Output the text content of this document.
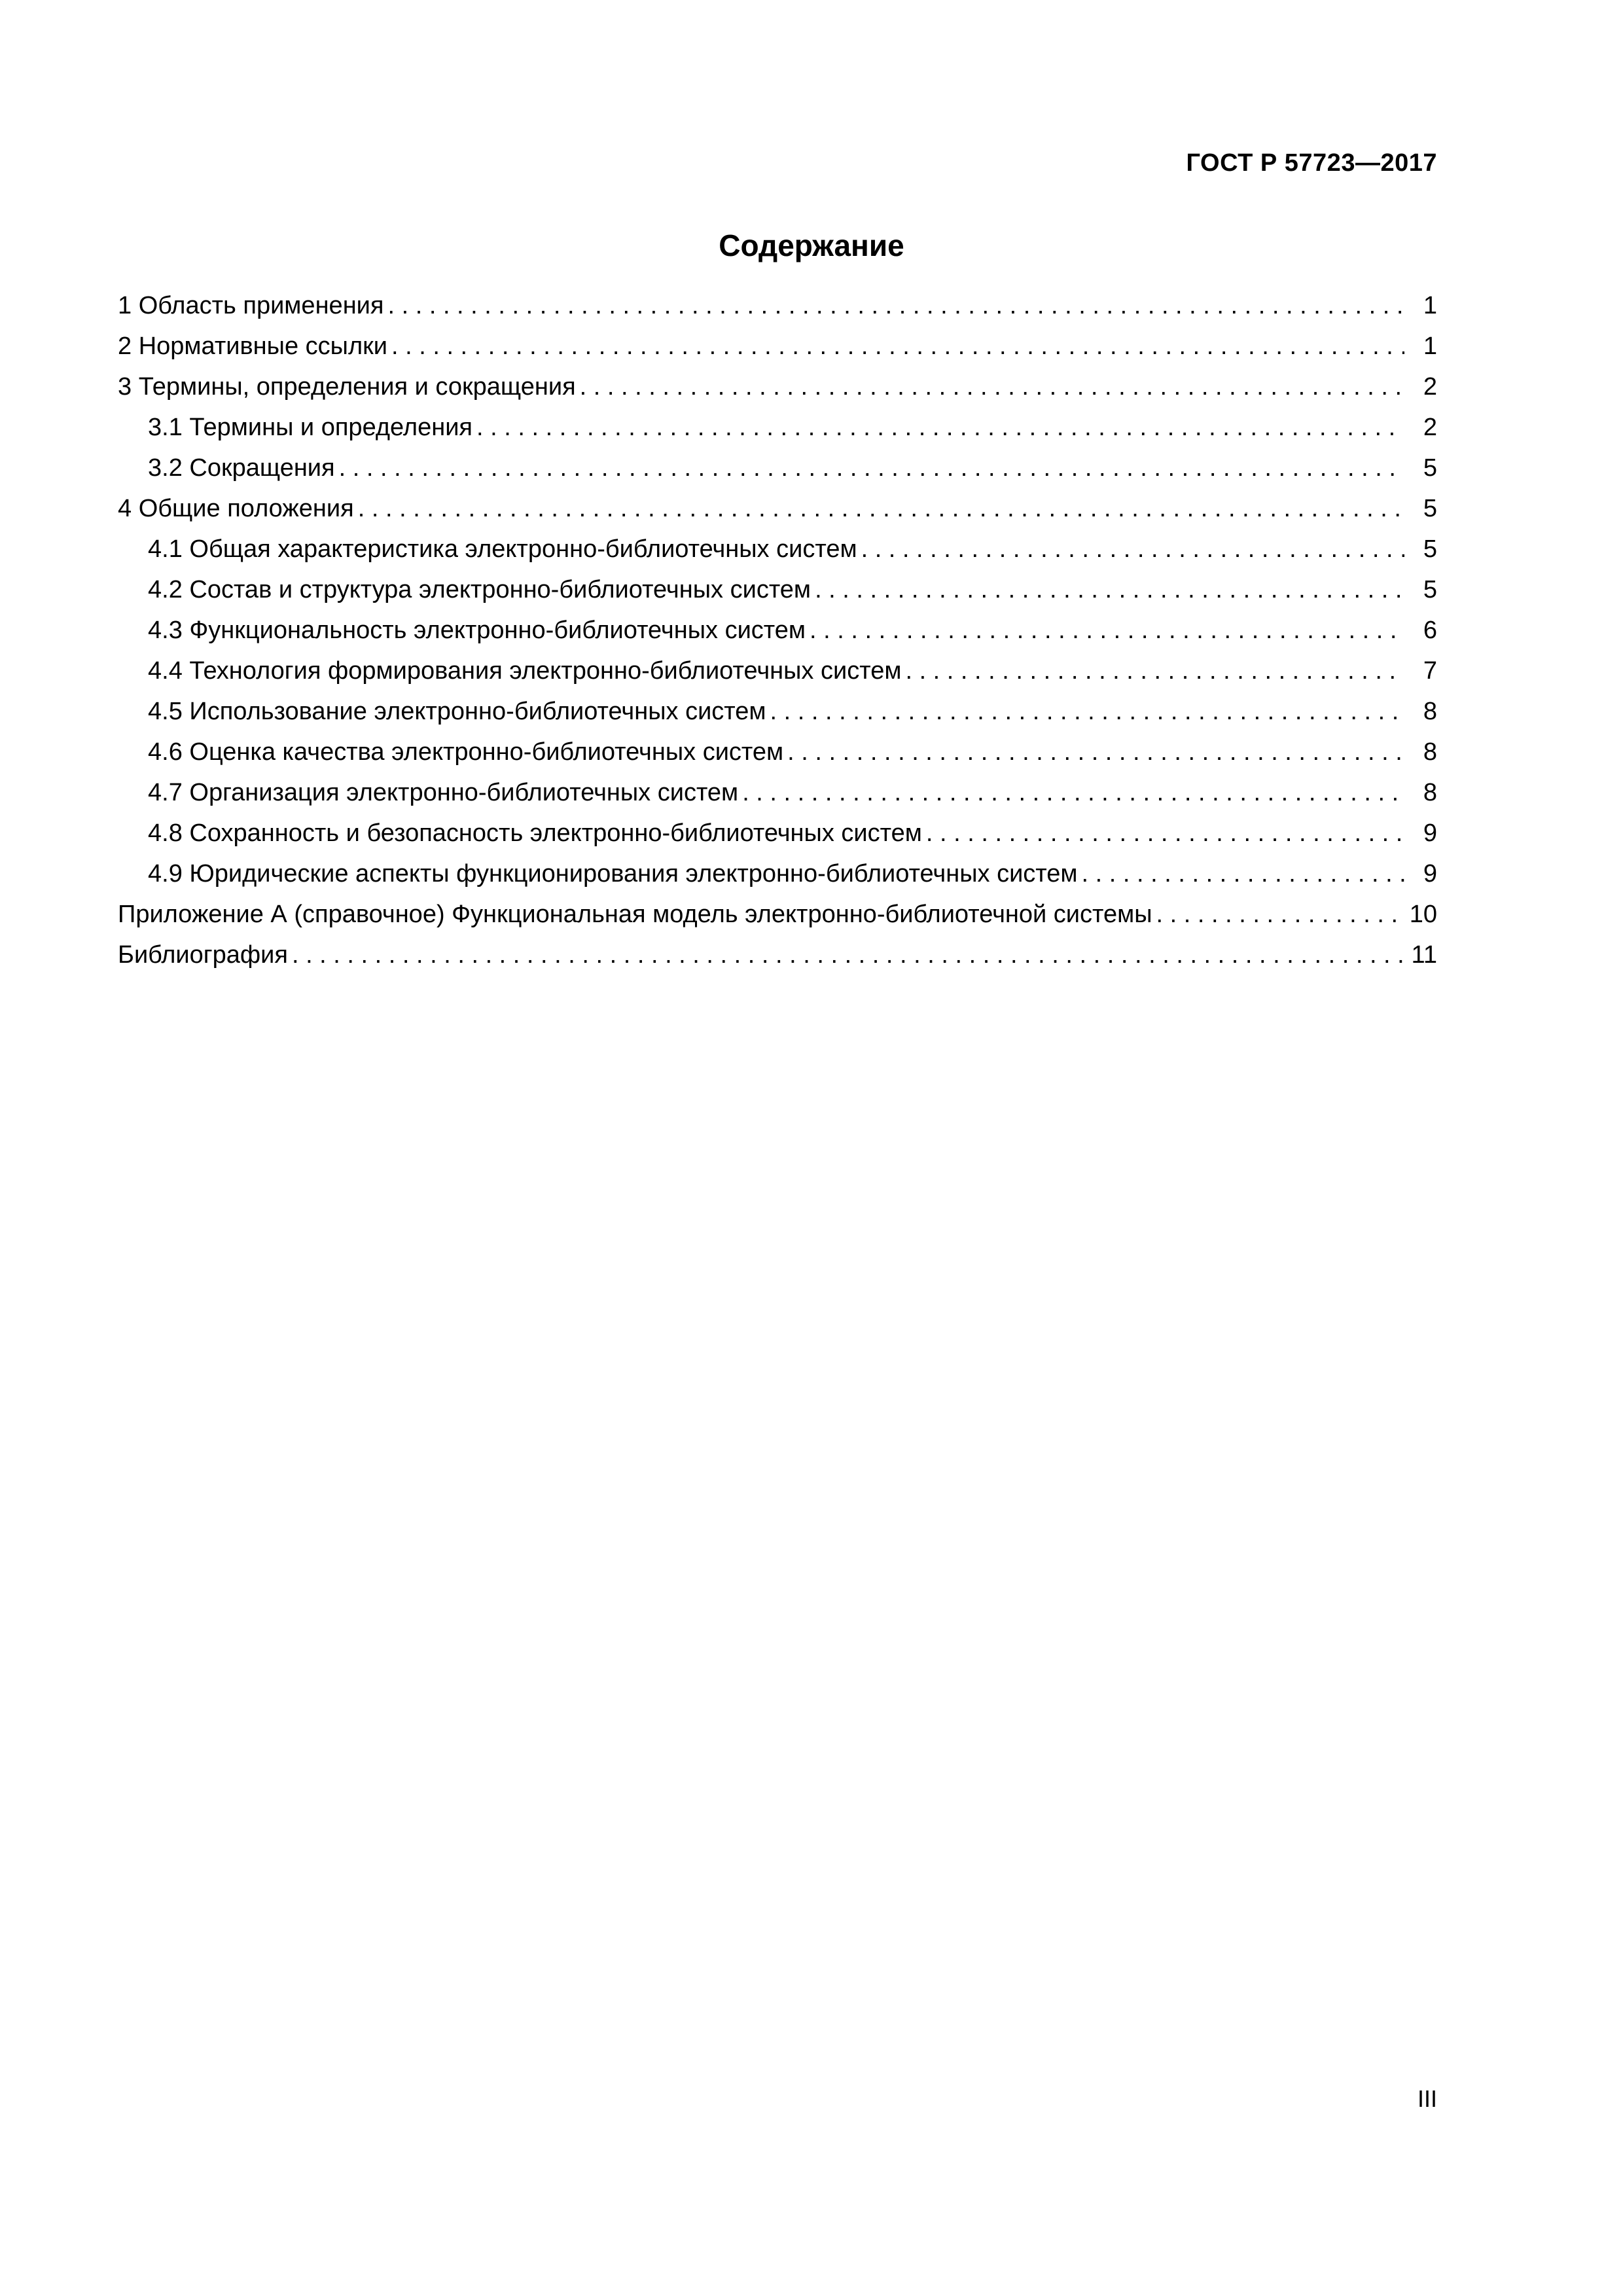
ГОСТ Р 57723—2017
Содержание
1 Область применения . . .	1
2 Нормативные ссылки . . .	1
3 Термины, определения и сокращения . . .	2
3.1 Термины и определения . . .	2
3.2 Сокращения . . .	5
4 Общие положения . . .	5
4.1 Общая характеристика электронно-библиотечных систем . . .	5
4.2 Состав и структура электронно-библиотечных систем . . .	5
4.3 Функциональность электронно-библиотечных систем . . .	6
4.4 Технология формирования электронно-библиотечных систем . . .	7
4.5 Использование электронно-библиотечных систем . . .	8
4.6 Оценка качества электронно-библиотечных систем . . .	8
4.7 Организация электронно-библиотечных систем . . .	8
4.8 Сохранность и безопасность электронно-библиотечных систем . . .	9
4.9 Юридические аспекты функционирования электронно-библиотечных систем . . .	9
Приложение А (справочное) Функциональная модель электронно-библиотечной системы . . .	10
Библиография . . .	11
III
